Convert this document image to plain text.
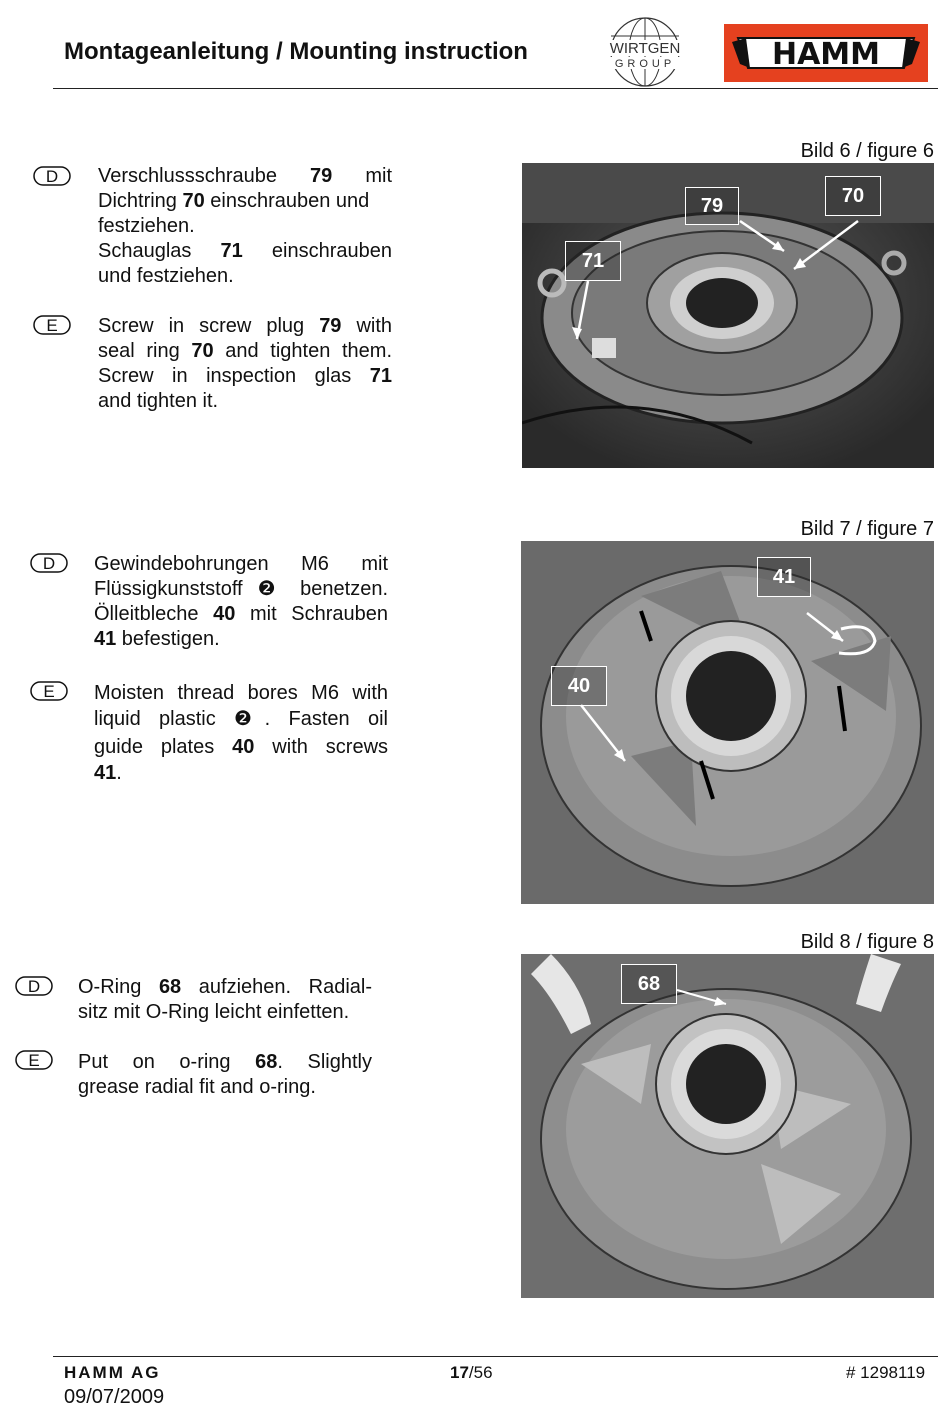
Montageanleitung / Mounting instruction	WIRTGEN
GROUP	HAMM
Bild 6 / figure 6
D Verschlussschraube 79 mit
Dichtring 70 einschrauben und
festziehen.
Schauglas 71 einschrauben
und festziehen.
E Screw in screw plug 79 with
seal ring 70 and tighten them.
Screw in inspection glas 71
and tighten it.
79	70
71
Bild 7 / figure 7
D Gewindebohrungen M6 mit
Flüssigkunststoff ❷ benetzen.
Ölleitbleche 40 mit Schrauben
41 befestigen.
E Moisten thread bores M6 with
liquid plastic ❷. Fasten oil
guide plates 40 with screws
41.
41
40
Bild 8 / figure 8
D O-Ring 68 aufziehen. Radial-
sitz mit O-Ring leicht einfetten.
E Put on o-ring 68. Slightly
grease radial fit and o-ring.
68
HAMM AG
09/07/2009
17/56	# 1298119
